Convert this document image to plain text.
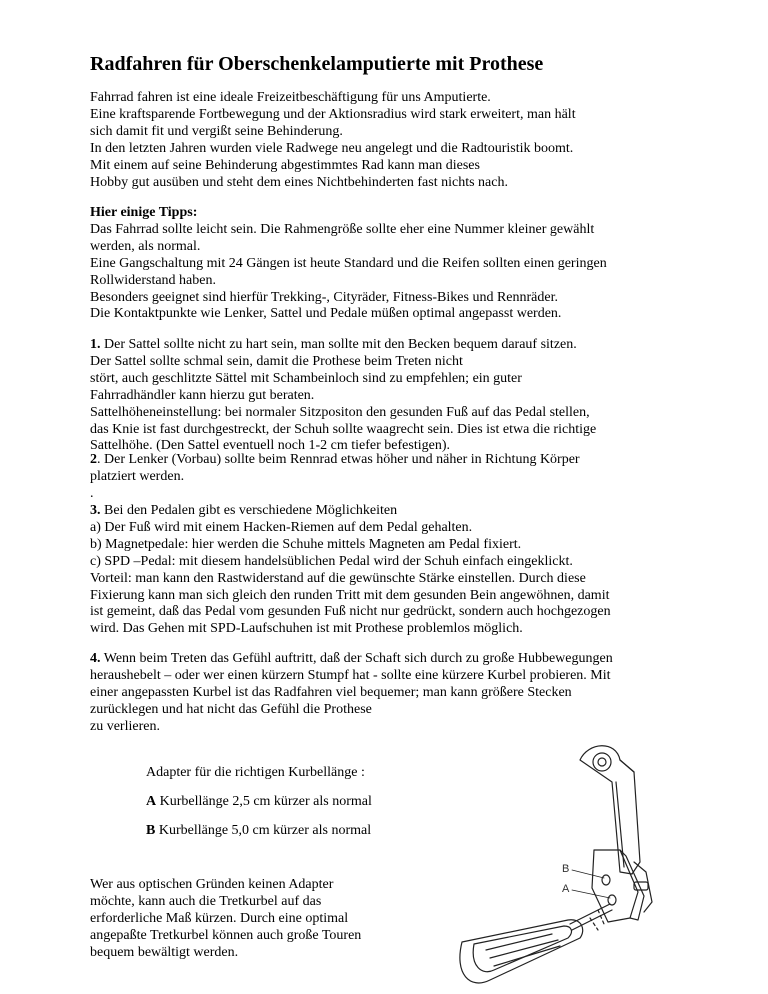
Radfahren für Oberschenkelamputierte mit Prothese

Fahrrad fahren ist eine ideale Freizeitbeschäftigung für uns Amputierte.

Eine kraftsparende Fortbewegung und der Aktionsradius wird stark erweitert, man hält

sich damit fit und vergißt seine Behinderung.

In den letzten Jahren wurden viele Radwege neu angelegt und die Radtouristik boomt.

Mit einem auf seine Behinderung abgestimmtes Rad kann man dieses

Hobby gut ausüben und steht dem eines Nichtbehinderten fast nichts nach.

Hier einige Tipps:

Das Fahrrad sollte leicht sein. Die Rahmengröße sollte eher eine Nummer kleiner gewählt

werden, als normal.

Eine Gangschaltung mit 24 Gängen ist heute Standard und die Reifen sollten einen geringen

Rollwiderstand haben.

Besonders geeignet sind hierfür Trekking-, Cityräder, Fitness-Bikes und Rennräder.

Die Kontaktpunkte wie Lenker, Sattel und Pedale müßen optimal angepasst werden.

1. Der Sattel sollte nicht zu hart sein, man sollte mit den Becken bequem darauf sitzen.

Der Sattel sollte schmal sein, damit die Prothese beim Treten nicht

stört, auch geschlitzte Sättel mit Schambeinloch sind zu empfehlen; ein guter

Fahrradhändler kann hierzu gut beraten.

Sattelhöheneinstellung: bei normaler Sitzpositon den gesunden Fuß auf das Pedal stellen,

das Knie ist fast durchgestreckt, der Schuh sollte waagrecht sein. Dies ist etwa die richtige

Sattelhöhe. (Den Sattel eventuell noch 1-2 cm tiefer befestigen).

2. Der Lenker (Vorbau) sollte beim Rennrad etwas höher und näher in Richtung Körper

platziert werden.

.

3. Bei den Pedalen gibt es verschiedene Möglichkeiten

a) Der Fuß wird mit einem Hacken-Riemen auf dem Pedal gehalten.

b) Magnetpedale: hier werden die Schuhe mittels Magneten am Pedal fixiert.

c) SPD –Pedal: mit diesem handelsüblichen Pedal wird der Schuh einfach eingeklickt.

Vorteil: man kann den Rastwiderstand auf die gewünschte Stärke einstellen. Durch diese

Fixierung kann man sich gleich den runden Tritt mit dem gesunden Bein angewöhnen, damit

ist gemeint, daß das Pedal vom gesunden Fuß nicht nur gedrückt, sondern auch hochgezogen

wird. Das Gehen mit SPD-Laufschuhen ist mit Prothese problemlos möglich.

4. Wenn beim Treten das Gefühl auftritt, daß der Schaft sich durch zu große Hubbewegungen

heraushebelt – oder wer einen kürzern Stumpf hat - sollte eine kürzere Kurbel probieren. Mit

einer angepassten Kurbel ist das Radfahren viel bequemer; man kann größere Stecken

zurücklegen und hat nicht das Gefühl die Prothese

zu verlieren.

Adapter für die richtigen Kurbellänge :
A Kurbellänge 2,5 cm kürzer als normal
B Kurbellänge 5,0 cm kürzer als normal

Wer aus optischen Gründen keinen Adapter

möchte, kann auch die Tretkurbel auf das

erforderliche Maß kürzen. Durch eine optimal

angepaßte Tretkurbel können auch große Touren

bequem bewältigt werden.

B
A
